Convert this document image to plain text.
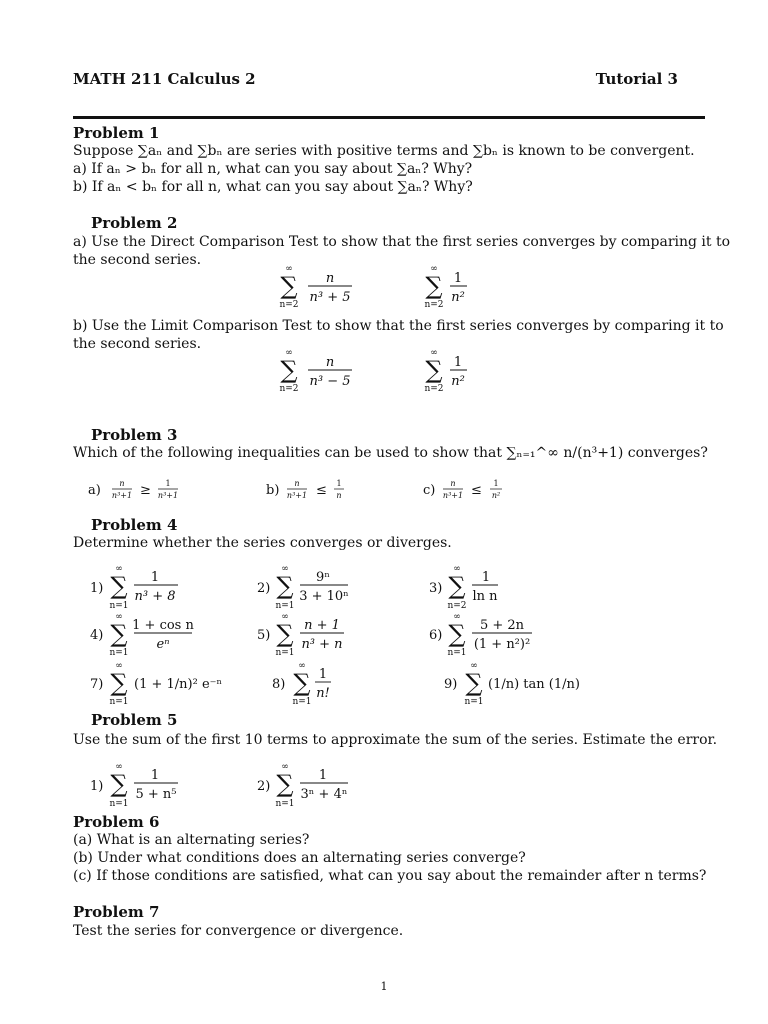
MATH 211 Calculus 2	Tutorial 3
Problem 1
Suppose ∑aₙ and ∑bₙ are series with positive terms and ∑bₙ is known to be convergent.
a) If aₙ > bₙ for all n, what can you say about ∑aₙ? Why?
b) If aₙ < bₙ for all n, what can you say about ∑aₙ? Why?
Problem 2
a) Use the Direct Comparison Test to show that the first series converges by comparing it to
the second series.
∞
∑
n=2
n
n³ + 5
∞
∑
n=2
1
n²
b) Use the Limit Comparison Test to show that the first series converges by comparing it to
the second series.
∞
∑
n=2
n
n³ − 5
∞
∑
n=2
1
n²
Problem 3
Which of the following inequalities can be used to show that ∑ₙ₌₁^∞ n/(n³+1) converges?
a) n
n³+1 ≥ 1
n³+1	b) n
n³+1 ≤ 1
n	c) n
n³+1 ≤ 1
n²
Problem 4
Determine whether the series converges or diverges.
1)
∞
∑
n=1
1
n³ + 8
2)
∞
∑
n=1
9ⁿ
3 + 10ⁿ
3)
∞
∑
n=2
1
ln n
4)
∞
∑
n=1
1 + cos n
eⁿ
5)
∞
∑
n=1
n + 1
n³ + n
6)
∞
∑
n=1
5 + 2n
(1 + n²)²
7)
∞
∑
n=1
(1 + 1/n)² e⁻ⁿ	8)
∞
∑
n=1
1
n!
9)
∞
∑
n=1
(1/n) tan (1/n)
Problem 5
Use the sum of the first 10 terms to approximate the sum of the series. Estimate the error.
1)
∞
∑
n=1
1
5 + n⁵
2)
∞
∑
n=1
1
3ⁿ + 4ⁿ
Problem 6
(a) What is an alternating series?
(b) Under what conditions does an alternating series converge?
(c) If those conditions are satisfied, what can you say about the remainder after n terms?
Problem 7
Test the series for convergence or divergence.
1
